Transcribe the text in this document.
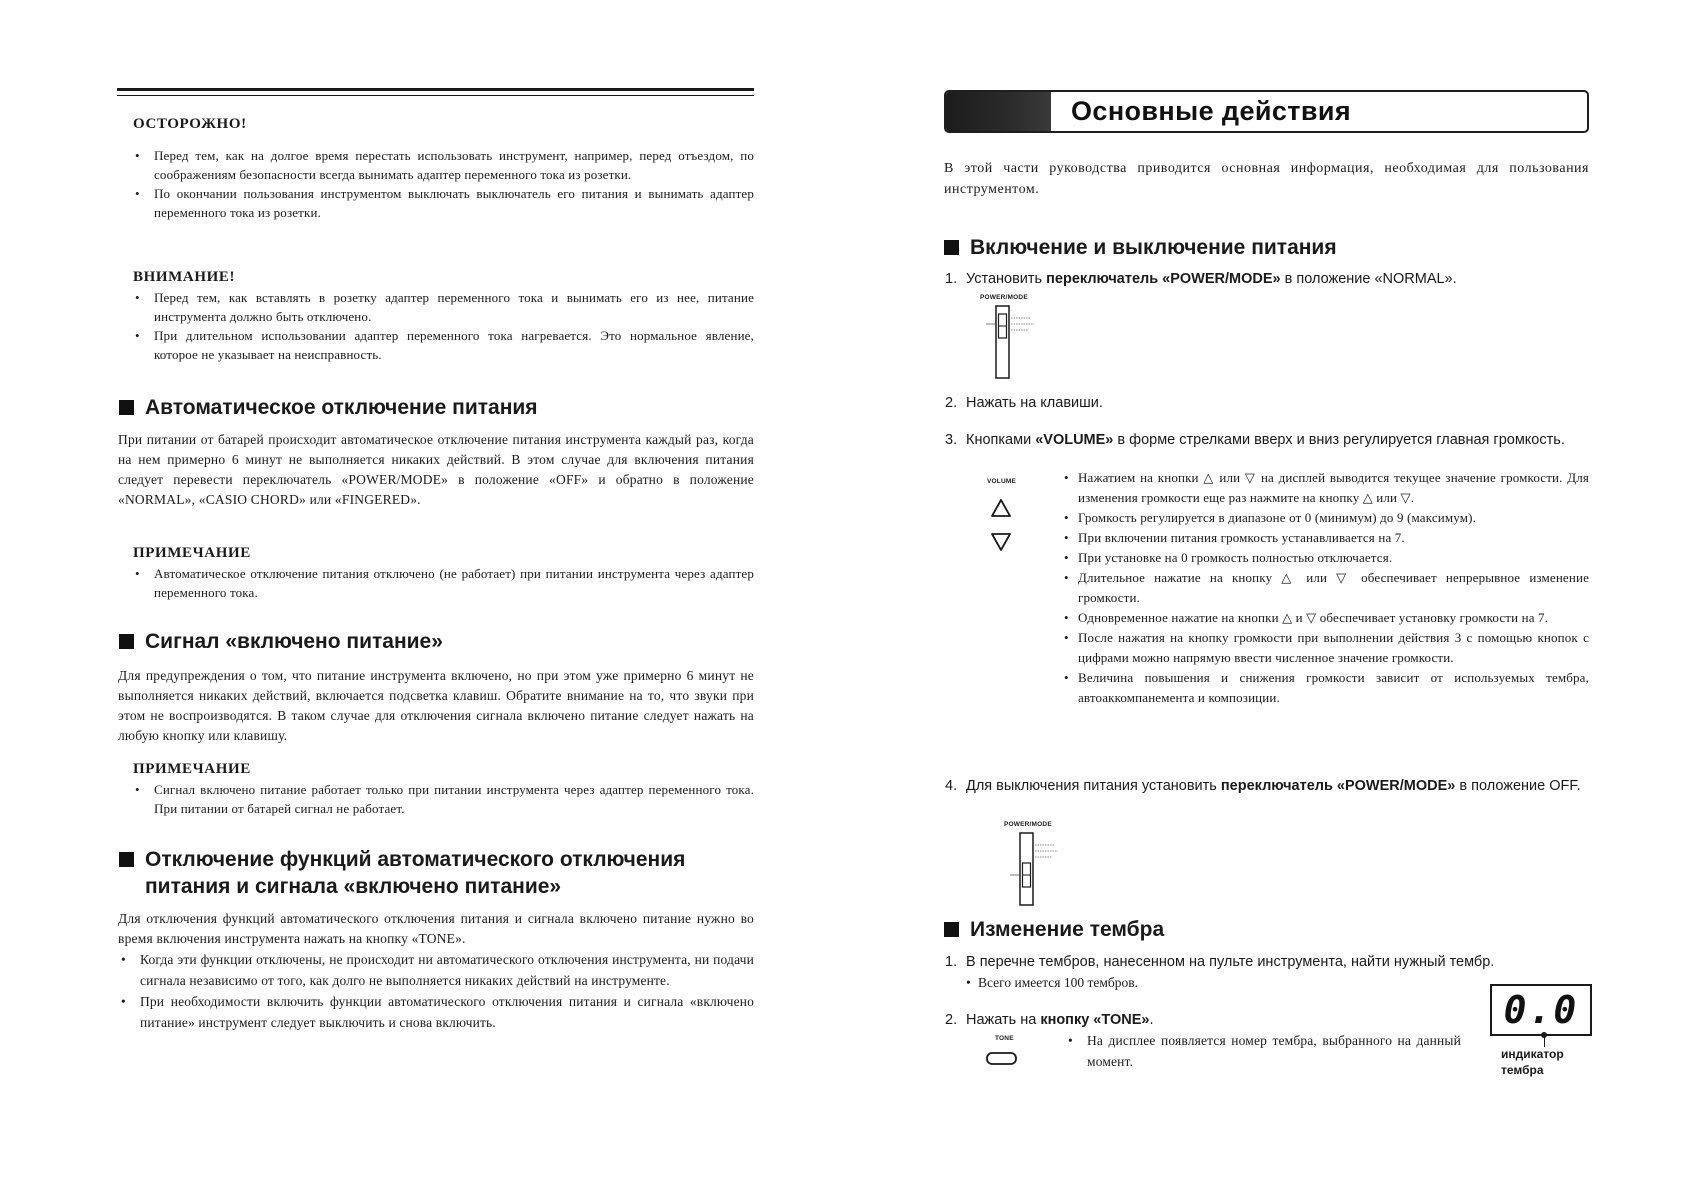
ОСТОРОЖНО!
• Перед тем, как на долгое время перестать использовать инструмент, например, перед отъездом, по соображениям безопасности всегда вынимать адаптер переменного тока из розетки.
• По окончании пользования инструментом выключать выключатель его питания и вынимать адаптер переменного тока из розетки.
ВНИМАНИЕ!
• Перед тем, как вставлять в розетку адаптер переменного тока и вынимать его из нее, питание инструмента должно быть отключено.
• При длительном использовании адаптер переменного тока нагревается. Это нормальное явление, которое не указывает на неисправность.
Автоматическое отключение питания

При питании от батарей происходит автоматическое отключение питания инструмента каждый раз, когда на нем примерно 6 минут не выполняется никаких действий. В этом случае для включения питания следует перевести переключатель «POWER/MODE» в положение «OFF» и обратно в положение «NORMAL», «CASIO CHORD» или «FINGERED».

ПРИМЕЧАНИЕ
• Автоматическое отключение питания отключено (не работает) при питании инструмента через адаптер переменного тока.
Сигнал «включено питание»

Для предупреждения о том, что питание инструмента включено, но при этом уже примерно 6 минут не выполняется никаких действий, включается подсветка клавиш. Обратите внимание на то, что звуки при этом не воспроизводятся. В таком случае для отключения сигнала включено питание следует нажать на любую кнопку или клавишу.

ПРИМЕЧАНИЕ
• Сигнал включено питание работает только при питании инструмента через адаптер переменного тока. При питании от батарей сигнал не работает.
Отключение функций автоматического отключения
питания и сигнала «включено питание»

Для отключения функций автоматического отключения питания и сигнала включено питание нужно во время включения инструмента нажать на кнопку «TONE».

• Когда эти функции отключены, не происходит ни автоматического отключения инструмента, ни подачи сигнала независимо от того, как долго не выполняется никаких действий на инструменте.
• При необходимости включить функции автоматического отключения питания и сигнала «включено питание» инструмент следует выключить и снова включить.
Основные действия
В этой части руководства приводится основная информация, необходимая для пользования инструментом.
Включение и выключение питания
1. Установить переключатель «POWER/MODE» в положение «NORMAL».
POWER/MODE
2. Нажать на клавиши.
3. Кнопками «VOLUME» в форме стрелками вверх и вниз регулируется главная громкость.
VOLUME	• Нажатием на кнопки △ или ▽ на дисплей выводится текущее значение громкости. Для изменения громкости еще раз нажмите на кнопку △ или ▽.
• Громкость регулируется в диапазоне от 0 (минимум) до 9 (максимум).
• При включении питания громкость устанавливается на 7.
• При установке на 0 громкость полностью отключается.
• Длительное нажатие на кнопку △ или ▽ обеспечивает непрерывное изменение громкости.
• Одновременное нажатие на кнопки △ и ▽ обеспечивает установку громкости на 7.
• После нажатия на кнопку громкости при выполнении действия 3 с помощью кнопок с цифрами можно напрямую ввести численное значение громкости.
• Величина повышения и снижения громкости зависит от используемых тембра, автоаккомпанемента и композиции.
4. Для выключения питания установить переключатель «POWER/MODE» в положение OFF.
POWER/MODE
Изменение тембра
1. В перечне тембров, нанесенном на пульте инструмента, найти нужный тембр.
• Всего имеется 100 тембров.
2. Нажать на кнопку «TONE».
TONE	• На дисплее появляется номер тембра, выбранного на данный момент.
0.0
индикатор тембра
